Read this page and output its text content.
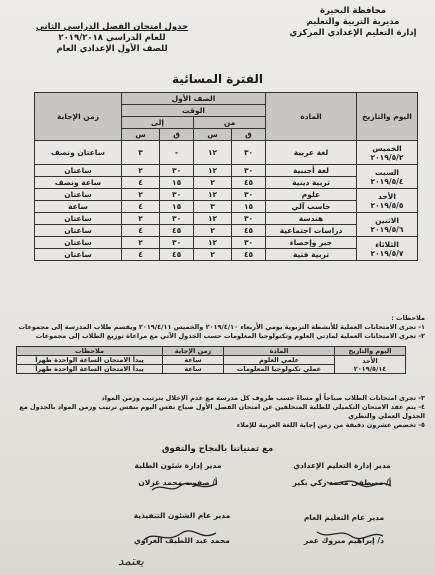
محافظة البحيرة
مديرية التربية والتعليم
إدارة التعليم الإعدادي المركزي
جدول امتحان الفصل الدراسي الثاني
للعام الدراسي ٢٠١٩/٢٠١٨
للصف الأول الإعدادي العام
الفترة المسائية
اليوم والتاريخ	المادة	الصف الأول				زمن الإجابة
		الوقت				
		من		إلى		
		ق	س	ق	س	

الخميس
٢٠١٩/٥/٢	لغة عربية	٣٠	١٢	-	٣	ساعتان ونصف

السبت
٢٠١٩/٥/٤	لغة أجنبية	٣٠	١٢	٣٠	٢	ساعتان
	تربية دينية	٤٥	٢	١٥	٤	ساعة ونصف

الأحد
٢٠١٩/٥/٥	علوم	٣٠	١٢	٣٠	٢	ساعتان
	حاسب آلي	١٥	٣	١٥	٤	ساعة

الاثنين
٢٠١٩/٥/٦	هندسة	٣٠	١٢	٣٠	٢	ساعتان
	دراسات اجتماعية	٤٥	٢	٤٥	٤	ساعتان

الثلاثاء
٢٠١٩/٥/٧	جبر وإحصاء	٣٠	١٢	٣٠	٢	ساعتان
	تربية فنية	٤٥	٢	٤٥	٤	ساعتان
ملاحظات :
١- تجرى الامتحانات العملية للأنشطة التربوية يومي الأربعاء ٢٠١٩/٤/١٠ والخميس ٢٠١٩/٤/١١ ويقسم طلاب المدرسة إلى مجموعات
٢- تجرى الامتحانات العملية لمادتي العلوم وتكنولوجيا المعلومات حسب الجدول الآتي مع مراعاة توزيع الطلاب إلى مجموعات
اليوم والتاريخ	المادة	زمن الإجابة	ملاحظات

الأحد
٢٠١٩/٥/١٤	علمي العلوم	ساعة	يبدأ الامتحان الساعة الواحدة ظهراً
	عملي تكنولوجيا المعلومات	ساعة	يبدأ الامتحان الساعة الواحدة ظهراً
٣- تجرى امتحانات الطلاب صباحاً أو مساءً حسب ظروف كل مدرسة مع عدم الإخلال بترتيب وزمن المواد
٤- يتم عقد الامتحان التكميلي للطلبة المتخلفين عن امتحان الفصل الأول صباح نفس اليوم بنفس ترتيب وزمن المواد بالجدول مع الجدول العملي والنظري
٥- تخصص عشرون دقيقة من زمن إجابة اللغة العربية للإملاء
مع تمنياتنا بالنجاح والتفوق
مدير إدارة شئون الطلبة
أ/ صفوت محمد غزلان
مدير إدارة التعليم الإعدادي
أ/ مصطفى محمد زكي بكير
مدير عام الشئون التنفيذية
محمد عبد اللطيف الغراوي
مدير عام التعليم العام
د/ إبراهيم مبروك عمر
يعتمد
